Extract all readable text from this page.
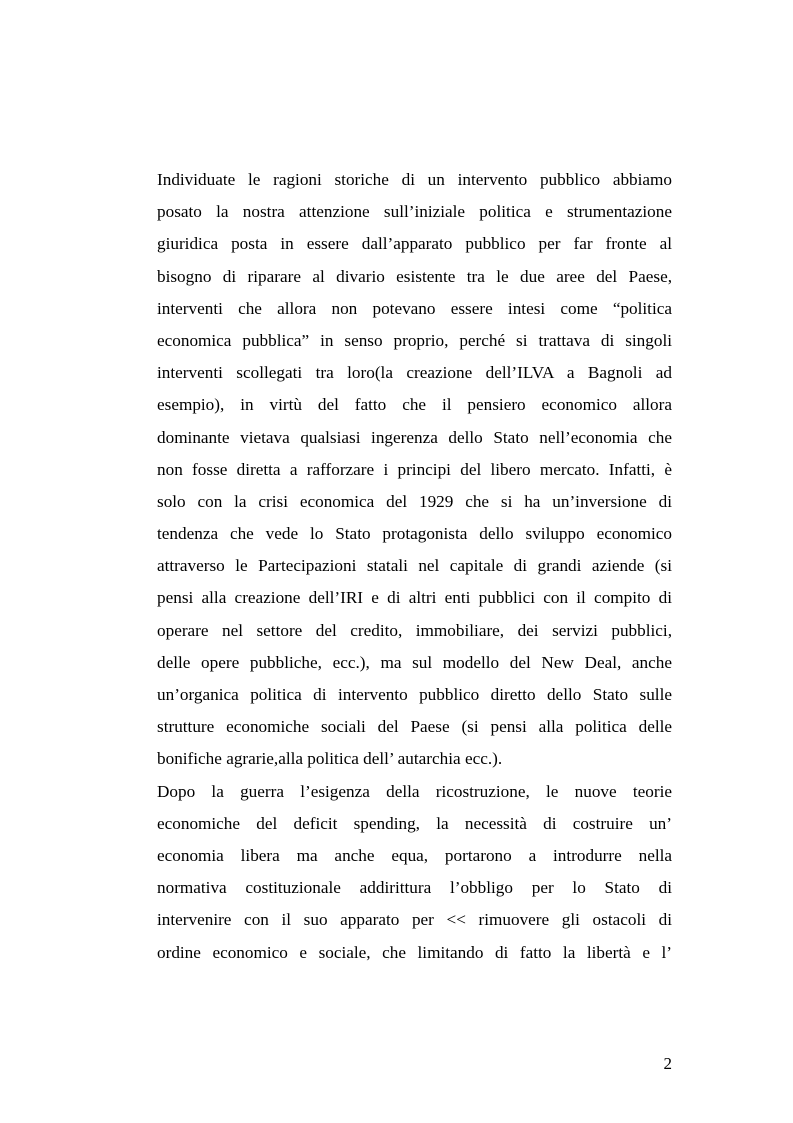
Individuate le ragioni storiche di un intervento pubblico abbiamo
posato la nostra attenzione sull’iniziale politica e strumentazione
giuridica posta in essere dall’apparato pubblico per far fronte al
bisogno di riparare al divario esistente tra le due aree del Paese,
interventi che allora non potevano essere intesi come “politica
economica pubblica” in senso proprio, perché si trattava di singoli
interventi scollegati tra loro(la creazione dell’ILVA a Bagnoli ad
esempio), in virtù del fatto che il pensiero economico allora
dominante vietava qualsiasi ingerenza dello Stato nell’economia che
non fosse diretta a rafforzare i principi del libero mercato. Infatti, è
solo con la crisi economica del 1929 che si ha un’inversione di
tendenza che vede lo Stato protagonista dello sviluppo economico
attraverso le Partecipazioni statali nel capitale di grandi aziende (si
pensi alla creazione dell’IRI e di altri enti pubblici con il compito di
operare nel settore del credito, immobiliare, dei servizi pubblici,
delle opere pubbliche, ecc.), ma sul modello del New Deal, anche
un’organica politica di intervento pubblico diretto dello Stato sulle
strutture economiche sociali del Paese (si pensi alla politica delle
bonifiche agrarie,alla politica dell’ autarchia ecc.).
Dopo la guerra l’esigenza della ricostruzione, le nuove teorie
economiche del deficit spending, la necessità di costruire un’
economia libera ma anche equa, portarono a introdurre nella
normativa costituzionale addirittura l’obbligo per lo Stato di
intervenire con il suo apparato per << rimuovere gli ostacoli di
ordine economico e sociale, che limitando di fatto la libertà e l’
2
